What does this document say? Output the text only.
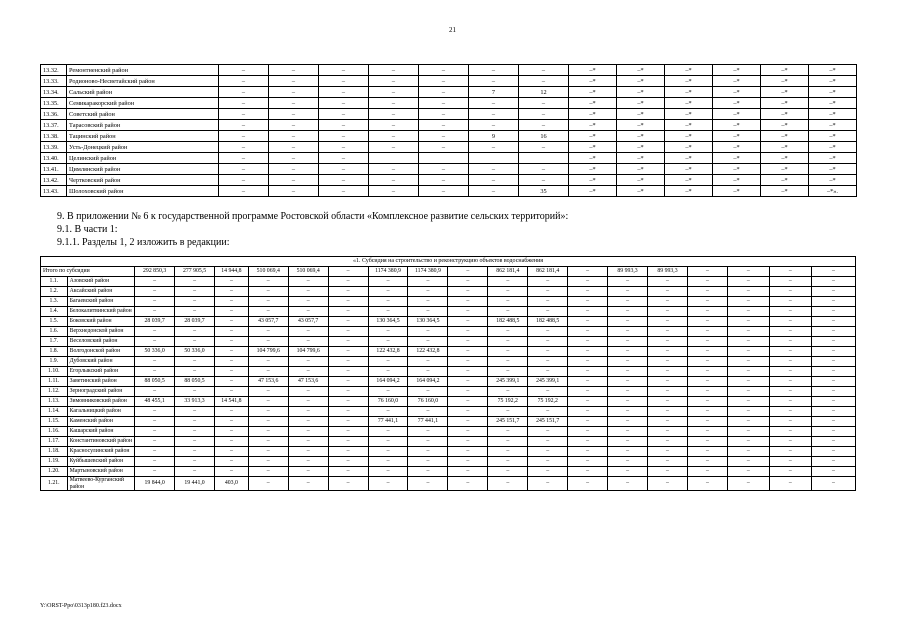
21
13.32.	Ремонтненский район	–	–	–	–	–	–	–	–*	–*	–*	–*	–*	–*
13.33.	Родионово-Несветайский район	–	–	–	–	–	–	–	–*	–*	–*	–*	–*	–*
13.34.	Сальский район	–	–	–	–	–	7	12	–*	–*	–*	–*	–*	–*
13.35.	Семикаракорский район	–	–	–	–	–	–	–	–*	–*	–*	–*	–*	–*
13.36.	Советский район	–	–	–	–	–	–	–	–*	–*	–*	–*	–*	–*
13.37.	Тарасовский район	–	–	–	–	–	–	–	–*	–*	–*	–*	–*	–*
13.38.	Тацинский район	–	–	–	–	–	9	16	–*	–*	–*	–*	–*	–*
13.39.	Усть-Донецкий район	–	–	–	–	–	–	–	–*	–*	–*	–*	–*	–*
13.40.	Целинский район	–	–	–					–*	–*	–*	–*	–*	–*
13.41.	Цимлянский район	–	–	–	–	–	–	–	–*	–*	–*	–*	–*	–*
13.42.	Чертковский район	–	–	–	–	–	–	–	–*	–*	–*	–*	–*	–*
13.43.	Шолоховский район	–	–	–	–	–	–	35	–*	–*	–*	–*	–*	–*».
9. В приложении № 6 к государственной программе Ростовской области «Комплексное развитие сельских территорий»:
9.1. В части 1:
9.1.1. Разделы 1, 2 изложить в редакции:
«1. Субсидия на строительство и реконструкцию объектов водоснабжения																			
Итого по субсидии		292 850,3	277 905,5	14 944,8	510 069,4	510 069,4	–	1174 380,9	1174 380,9	–	862 181,4	862 181,4	–	89 993,3	89 993,3	–	–	–	–
1.1.	Азовский район	–	–	–	–	–	–	–	–	–	–	–	–	–	–	–	–	–	–
1.2.	Аксайский район	–	–	–	–	–	–	–	–	–	–	–	–	–	–	–	–	–	–
1.3.	Багаевский район	–	–	–	–	–	–	–	–	–	–	–	–	–	–	–	–	–	–
1.4.	Белокалитвинский район	–	–	–	–	–	–	–	–	–	–	–	–	–	–	–	–	–	–
1.5.	Боковский район	28 039,7	28 039,7	–	43 057,7	43 057,7	–	130 364,5	130 364,5	–	182 488,5	182 488,5	–	–	–	–	–	–	–
1.6.	Верхнедонской район	–	–	–	–	–	–	–	–	–	–	–	–	–	–	–	–	–	–
1.7.	Веселовский район	–	–	–	–	–	–	–	–	–	–	–	–	–	–	–	–	–	–
1.8.	Волгодонской район	50 336,0	50 336,0	–	104 799,6	104 799,6	–	122 432,8	122 432,8	–	–	–	–	–	–	–	–	–	–
1.9.	Дубовский район	–	–	–	–	–	–	–	–	–	–	–	–	–	–	–	–	–	–
1.10.	Егорлыкский район	–	–	–	–	–	–	–	–	–	–	–	–	–	–	–	–	–	–
1.11.	Заветинский район	88 050,5	88 050,5	–	47 153,6	47 153,6	–	164 094,2	164 094,2	–	245 399,1	245 399,1	–	–	–	–	–	–	–
1.12.	Зерноградский район	–	–	–	–	–	–	–	–	–	–	–	–	–	–	–	–	–	–
1.13.	Зимовниковский район	48 455,1	33 913,3	14 541,8	–	–	–	76 160,0	76 160,0	–	75 192,2	75 192,2	–	–	–	–	–	–	–
1.14.	Кагальницкий район	–	–	–	–	–	–	–	–	–	–	–	–	–	–	–	–	–	–
1.15.	Каменский район	–	–	–	–	–	–	77 441,1	77 441,1	–	245 151,7	245 151,7	–	–	–	–	–	–	–
1.16.	Кашарский район	–	–	–	–	–	–	–	–	–	–	–	–	–	–	–	–	–	–
1.17.	Константиновский район	–	–	–	–	–	–	–	–	–	–	–	–	–	–	–	–	–	–
1.18.	Красносулинский район	–	–	–	–	–	–	–	–	–	–	–	–	–	–	–	–	–	–
1.19.	Куйбышевский район	–	–	–	–	–	–	–	–	–	–	–	–	–	–	–	–	–	–
1.20.	Мартыновский район	–	–	–	–	–	–	–	–	–	–	–	–	–	–	–	–	–	–
1.21.	Матвеево-Курганский район	19 844,0	19 441,0	403,0	–	–	–	–	–	–	–	–	–	–	–	–	–	–	–
Y:\ORST-Ppo\0313p180.f23.docx
